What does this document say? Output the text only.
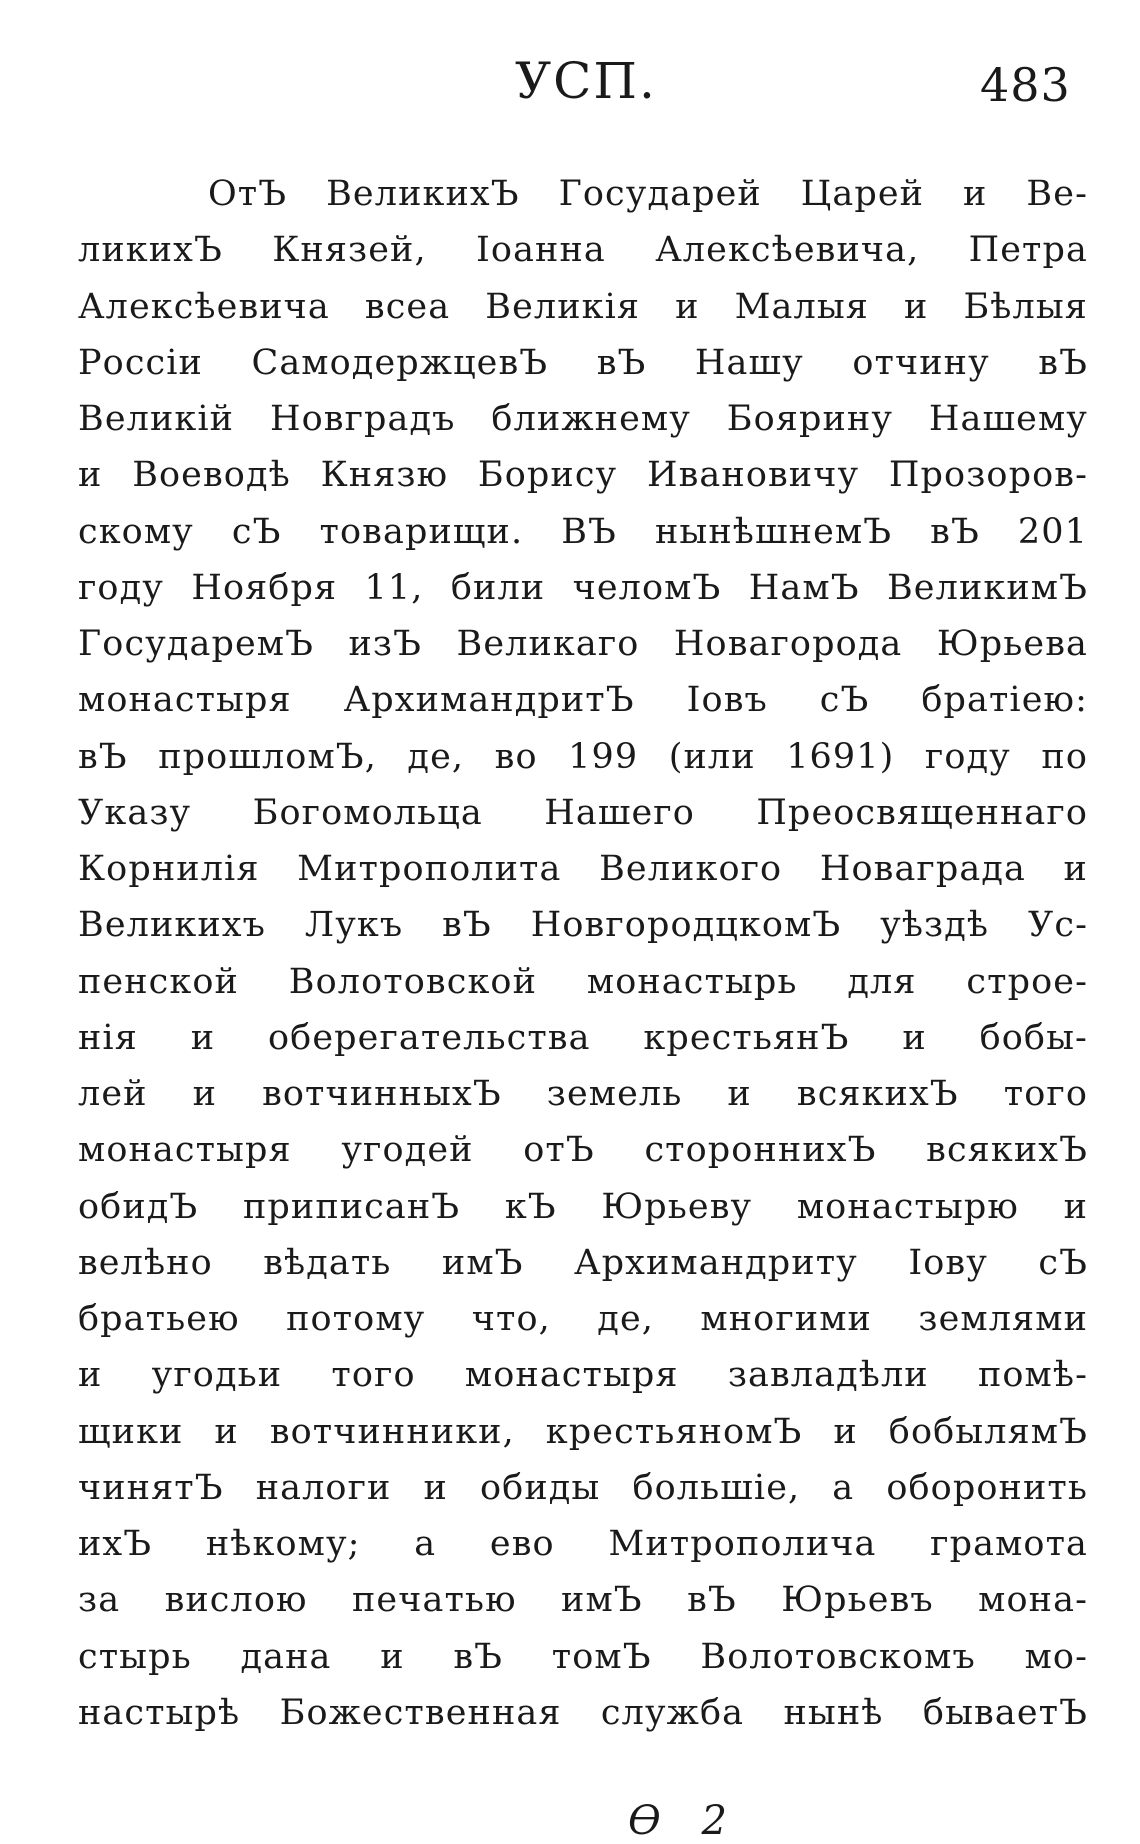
УСП.	483
ОтЪ ВеликихЪ Государей Царей и Ве-
ликихЪ Князей, Іоанна Алексѣевича, Петра
Алексѣевича всеа Великія и Малыя и Бѣлыя
Россіи СамодержцевЪ вЪ Нашу отчину вЪ
Великій Новгрaдъ ближнему Боярину Нашему
и Воеводѣ Князю Борису Ивановичу Прозоров-
скому сЪ товарищи. ВЪ нынѣшнемЪ вЪ 201
году Ноября 11, били челомЪ НамЪ ВеликимЪ
ГосударемЪ изЪ Великаго Новагорода Юрьева
монастыря АрхимандритЪ Іовъ сЪ братiею:
вЪ прошломЪ, де, во 199 (или 1691) году по
Указу Богомольца Нашего Преосвященнаго
Корнилія Митрополита Великого Новаграда и
Великихъ Лукъ вЪ НовгородцкомЪ уѣздѣ Ус-
пенской Волотовской монастырь для строе-
нія и оберегательства крестьянЪ и бобы-
лей и вотчинныхЪ земель и всякихЪ того
монастыря угодей отЪ стороннихЪ всякихЪ
обидЪ приписанЪ кЪ Юрьеву монастырю и
велѣно вѣдать имЪ Архимандриту Іову сЪ
братьею потому что, де, многими землями
и угодьи того монастыря завладѣли помѣ-
щики и вотчинники, крестьяномЪ и бобылямЪ
чинятЪ налоги и обиды большіе, а оборонить
ихЪ нѣкому; а ево Митрополича грамота
за вислою печатью имЪ вЪ Юрьевъ мона-
стырь дана и вЪ томЪ Волотовскомъ мо-
настырѣ Божественная служба нынѣ бываетЪ
Ѳ 2
